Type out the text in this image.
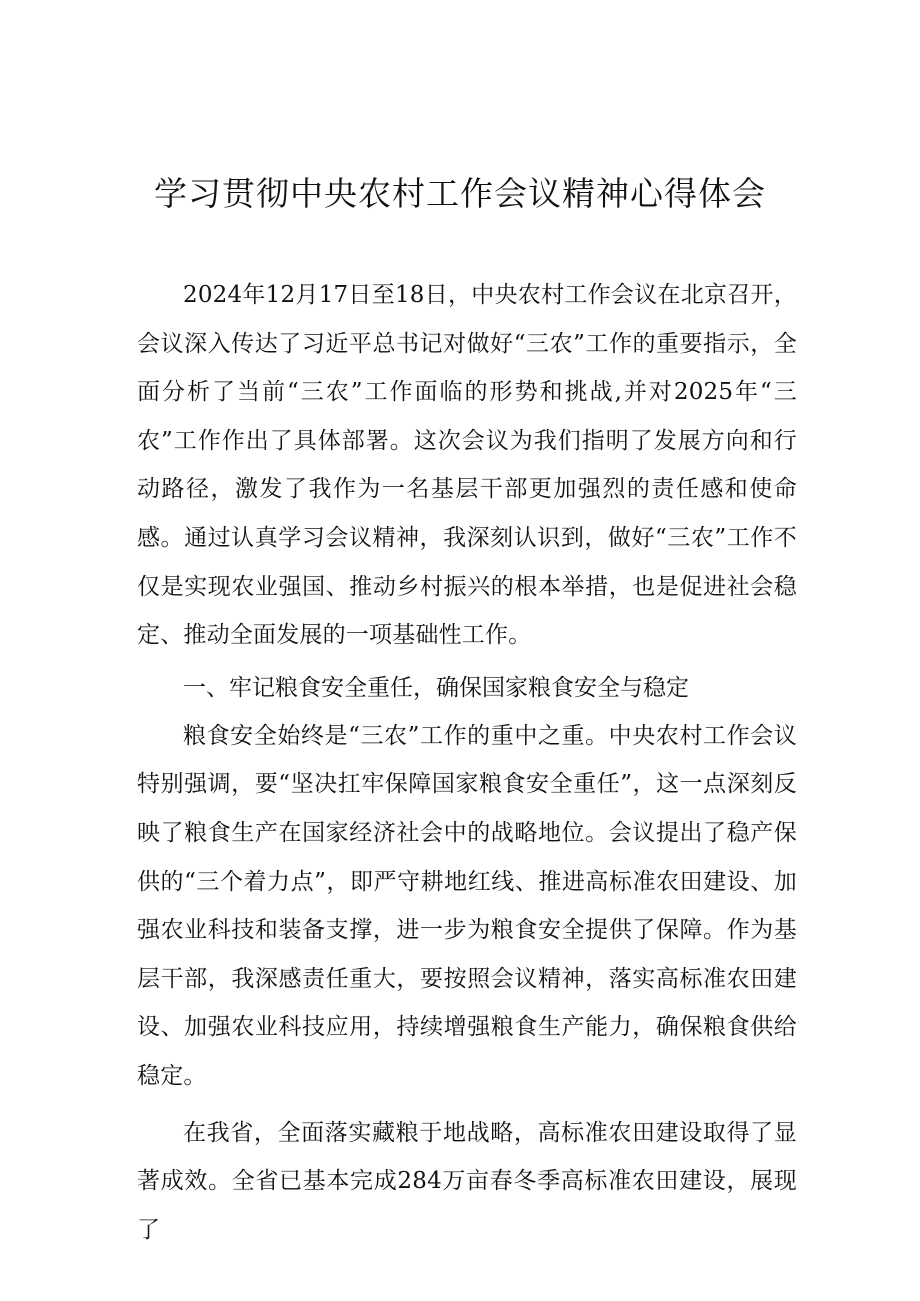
学习贯彻中央农村工作会议精神心得体会

2024年12月17日至18日，中央农村工作会议在北京召开，会议深入传达了习近平总书记对做好“三农”工作的重要指示，全面分析了当前“三农”工作面临的形势和挑战,并对2025年“三农”工作作出了具体部署。这次会议为我们指明了发展方向和行动路径，激发了我作为一名基层干部更加强烈的责任感和使命感。通过认真学习会议精神，我深刻认识到，做好“三农”工作不仅是实现农业强国、推动乡村振兴的根本举措，也是促进社会稳定、推动全面发展的一项基础性工作。

一、牢记粮食安全重任，确保国家粮食安全与稳定

粮食安全始终是“三农”工作的重中之重。中央农村工作会议特别强调，要“坚决扛牢保障国家粮食安全重任”，这一点深刻反映了粮食生产在国家经济社会中的战略地位。会议提出了稳产保供的“三个着力点”，即严守耕地红线、推进高标准农田建设、加强农业科技和装备支撑，进一步为粮食安全提供了保障。作为基层干部，我深感责任重大，要按照会议精神，落实高标准农田建设、加强农业科技应用，持续增强粮食生产能力，确保粮食供给稳定。

在我省，全面落实藏粮于地战略，高标准农田建设取得了显著成效。全省已基本完成284万亩春冬季高标准农田建设，展现了
